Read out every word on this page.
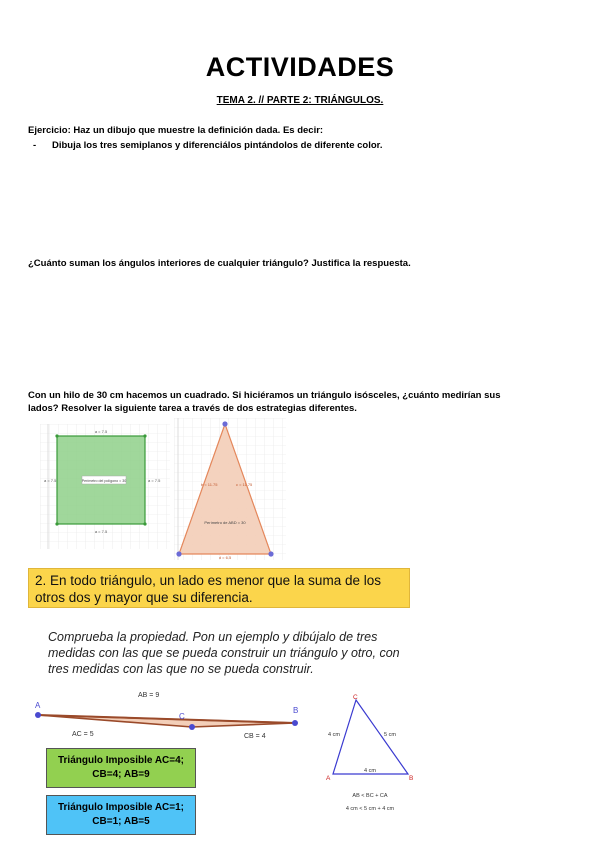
ACTIVIDADES
TEMA 2. // PARTE 2: TRIÁNGULOS.
Ejercicio: Haz un dibujo que muestre la definición dada. Es decir:
- Dibuja los tres semiplanos y diferenciálos pintándolos de diferente color.
¿Cuánto suman los ángulos interiores de cualquier triángulo? Justifica la respuesta.
Con un hilo de 30 cm hacemos un cuadrado. Si hiciéramos un triángulo isósceles, ¿cuánto medirían sus
lados? Resolver la siguiente tarea a través de dos estrategias diferentes.
Perímetro del polígono = 30
a = 7.5
a = 7.5
a = 7.5	a = 7.5
Perímetro de ABD = 30
b = 11.75	c = 11.75
d = 6.5
2. En todo triángulo, un lado es menor que la suma de los otros dos y mayor que su diferencia.
Comprueba la propiedad. Pon un ejemplo y dibújalo de tres medidas con las que se pueda construir un triángulo y otro, con tres medidas con las que no se pueda construir.
A
C
B
AB = 9
AC = 5	CB = 4
Triángulo Imposible AC=4;
CB=4; AB=9
Triángulo Imposible AC=1;
CB=1; AB=5
C
A	B
4 cm	5 cm
4 cm
AB < BC + CA
4 cm < 5 cm + 4 cm
